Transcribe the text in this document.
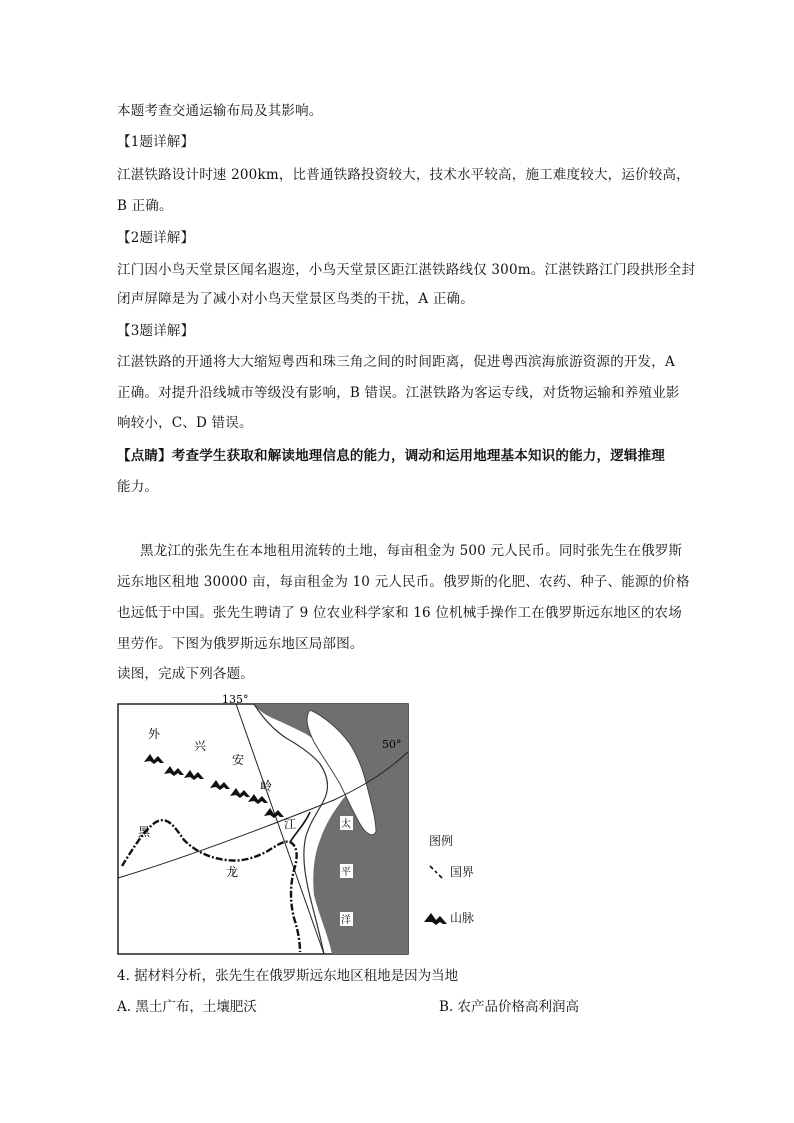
本题考查交通运输布局及其影响。
【1题详解】
江湛铁路设计时速 200km，比普通铁路投资较大，技术水平较高，施工难度较大，运价较高，
B 正确。
【2题详解】
江门因小鸟天堂景区闻名遐迩，小鸟天堂景区距江湛铁路线仅 300m。江湛铁路江门段拱形全封
闭声屏障是为了减小对小鸟天堂景区鸟类的干扰，A 正确。
【3题详解】
江湛铁路的开通将大大缩短粤西和珠三角之间的时间距离，促进粤西滨海旅游资源的开发，A
正确。对提升沿线城市等级没有影响，B 错误。江湛铁路为客运专线，对货物运输和养殖业影
响较小，C、D 错误。
【点睛】考查学生获取和解读地理信息的能力，调动和运用地理基本知识的能力，逻辑推理
能力。
黑龙江的张先生在本地租用流转的土地，每亩租金为 500 元人民币。同时张先生在俄罗斯
远东地区租地 30000 亩，每亩租金为 10 元人民币。俄罗斯的化肥、农药、种子、能源的价格
也远低于中国。张先生聘请了 9 位农业科学家和 16 位机械手操作工在俄罗斯远东地区的农场
里劳作。下图为俄罗斯远东地区局部图。
读图，完成下列各题。
135°
50°
外
兴
安
岭
黑
龙
江	太
平
洋
图例
国界
山脉
4. 据材料分析，张先生在俄罗斯远东地区租地是因为当地
A. 黑土广布，土壤肥沃	B. 农产品价格高利润高
